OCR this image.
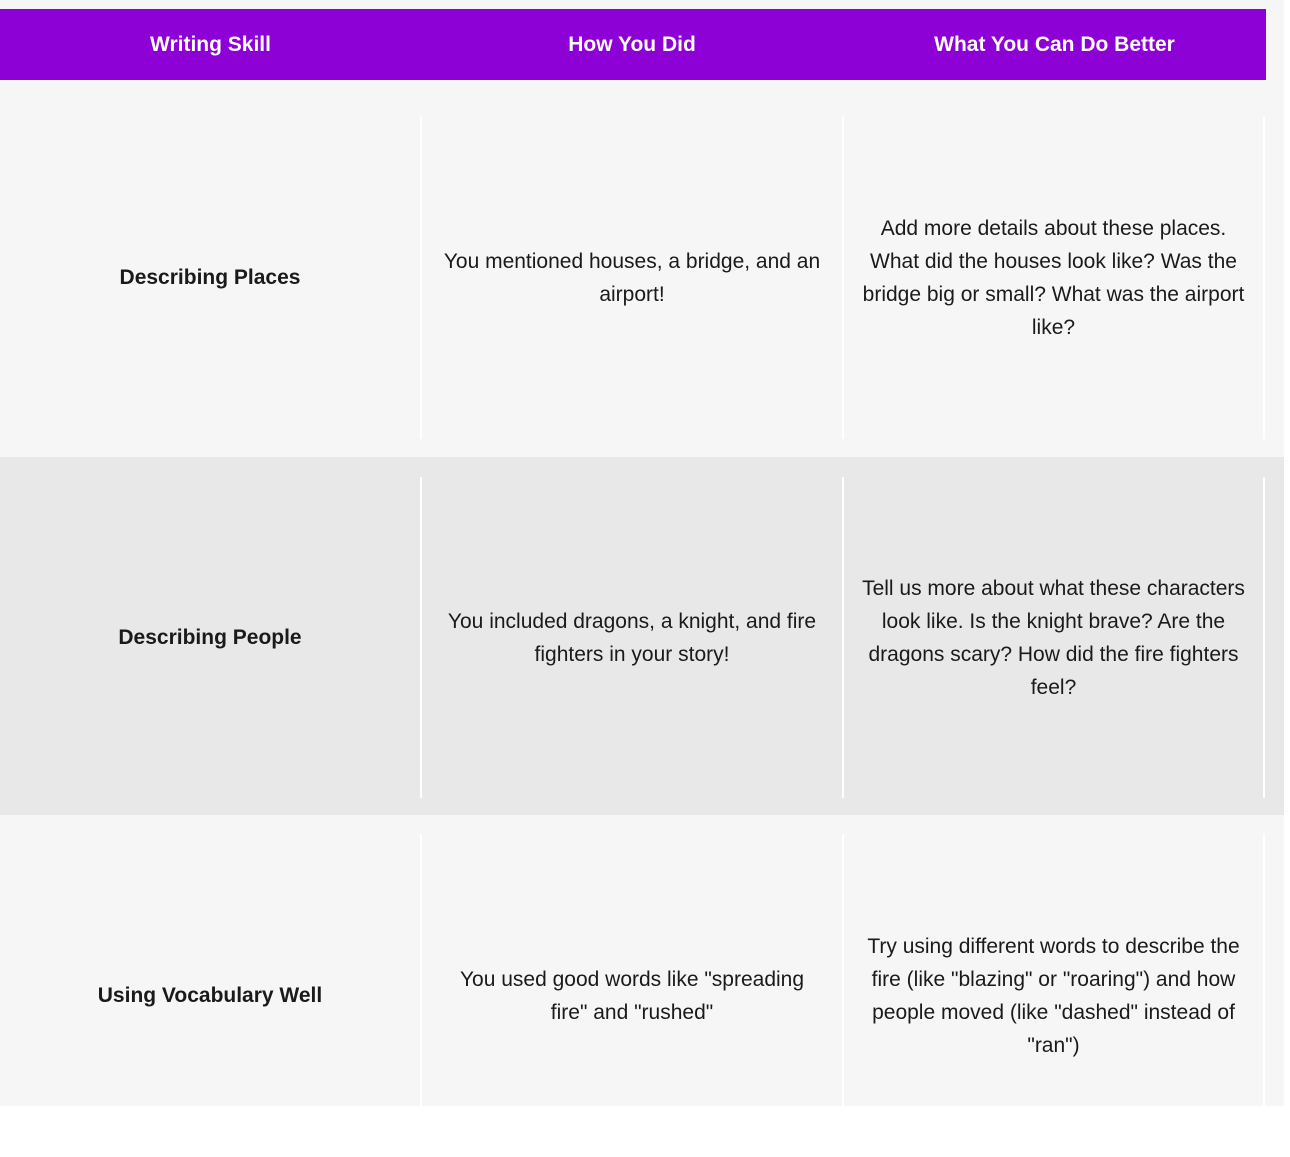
Writing Skill	How You Did	What You Can Do Better
Describing Places
You mentioned houses, a bridge, and an airport!
Add more details about these places. What did the houses look like? Was the bridge big or small? What was the airport like?
Describing People
You included dragons, a knight, and fire fighters in your story!
Tell us more about what these characters look like. Is the knight brave? Are the dragons scary? How did the fire fighters feel?
Using Vocabulary Well
You used good words like "spreading fire" and "rushed"
Try using different words to describe the fire (like "blazing" or "roaring") and how people moved (like "dashed" instead of "ran")
